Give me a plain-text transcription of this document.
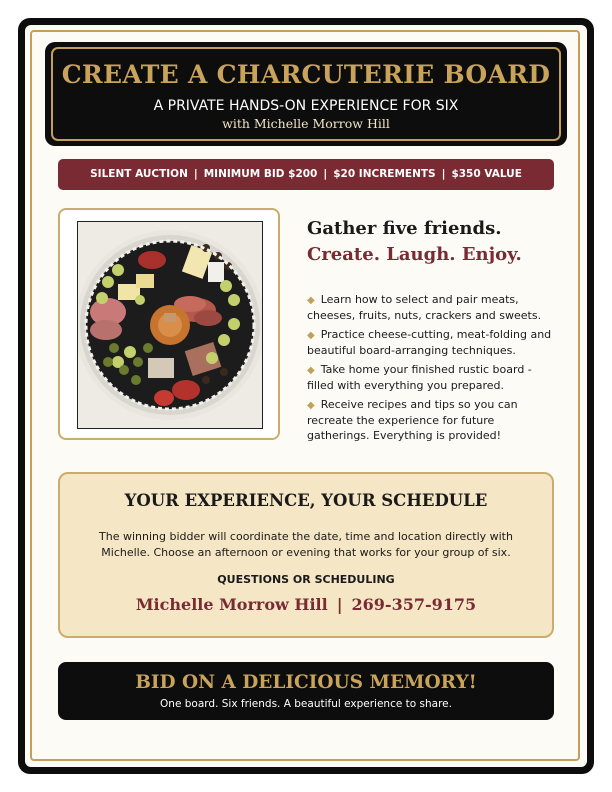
CREATE A CHARCUTERIE BOARD
A PRIVATE HANDS-ON EXPERIENCE FOR SIX
with Michelle Morrow Hill
SILENT AUCTION | MINIMUM BID $200 | $20 INCREMENTS | $350 VALUE
Gather five friends.
Create. Laugh. Enjoy.
◆ Learn how to select and pair meats, cheeses, fruits, nuts, crackers and sweets.
◆ Practice cheese-cutting, meat-folding and beautiful board-arranging techniques.
◆ Take home your finished rustic board - filled with everything you prepared.
◆ Receive recipes and tips so you can recreate the experience for future gatherings. Everything is provided!
YOUR EXPERIENCE, YOUR SCHEDULE
The winning bidder will coordinate the date, time and location directly with Michelle. Choose an afternoon or evening that works for your group of six.
QUESTIONS OR SCHEDULING
Michelle Morrow Hill | 269-357-9175
BID ON A DELICIOUS MEMORY!
One board. Six friends. A beautiful experience to share.
